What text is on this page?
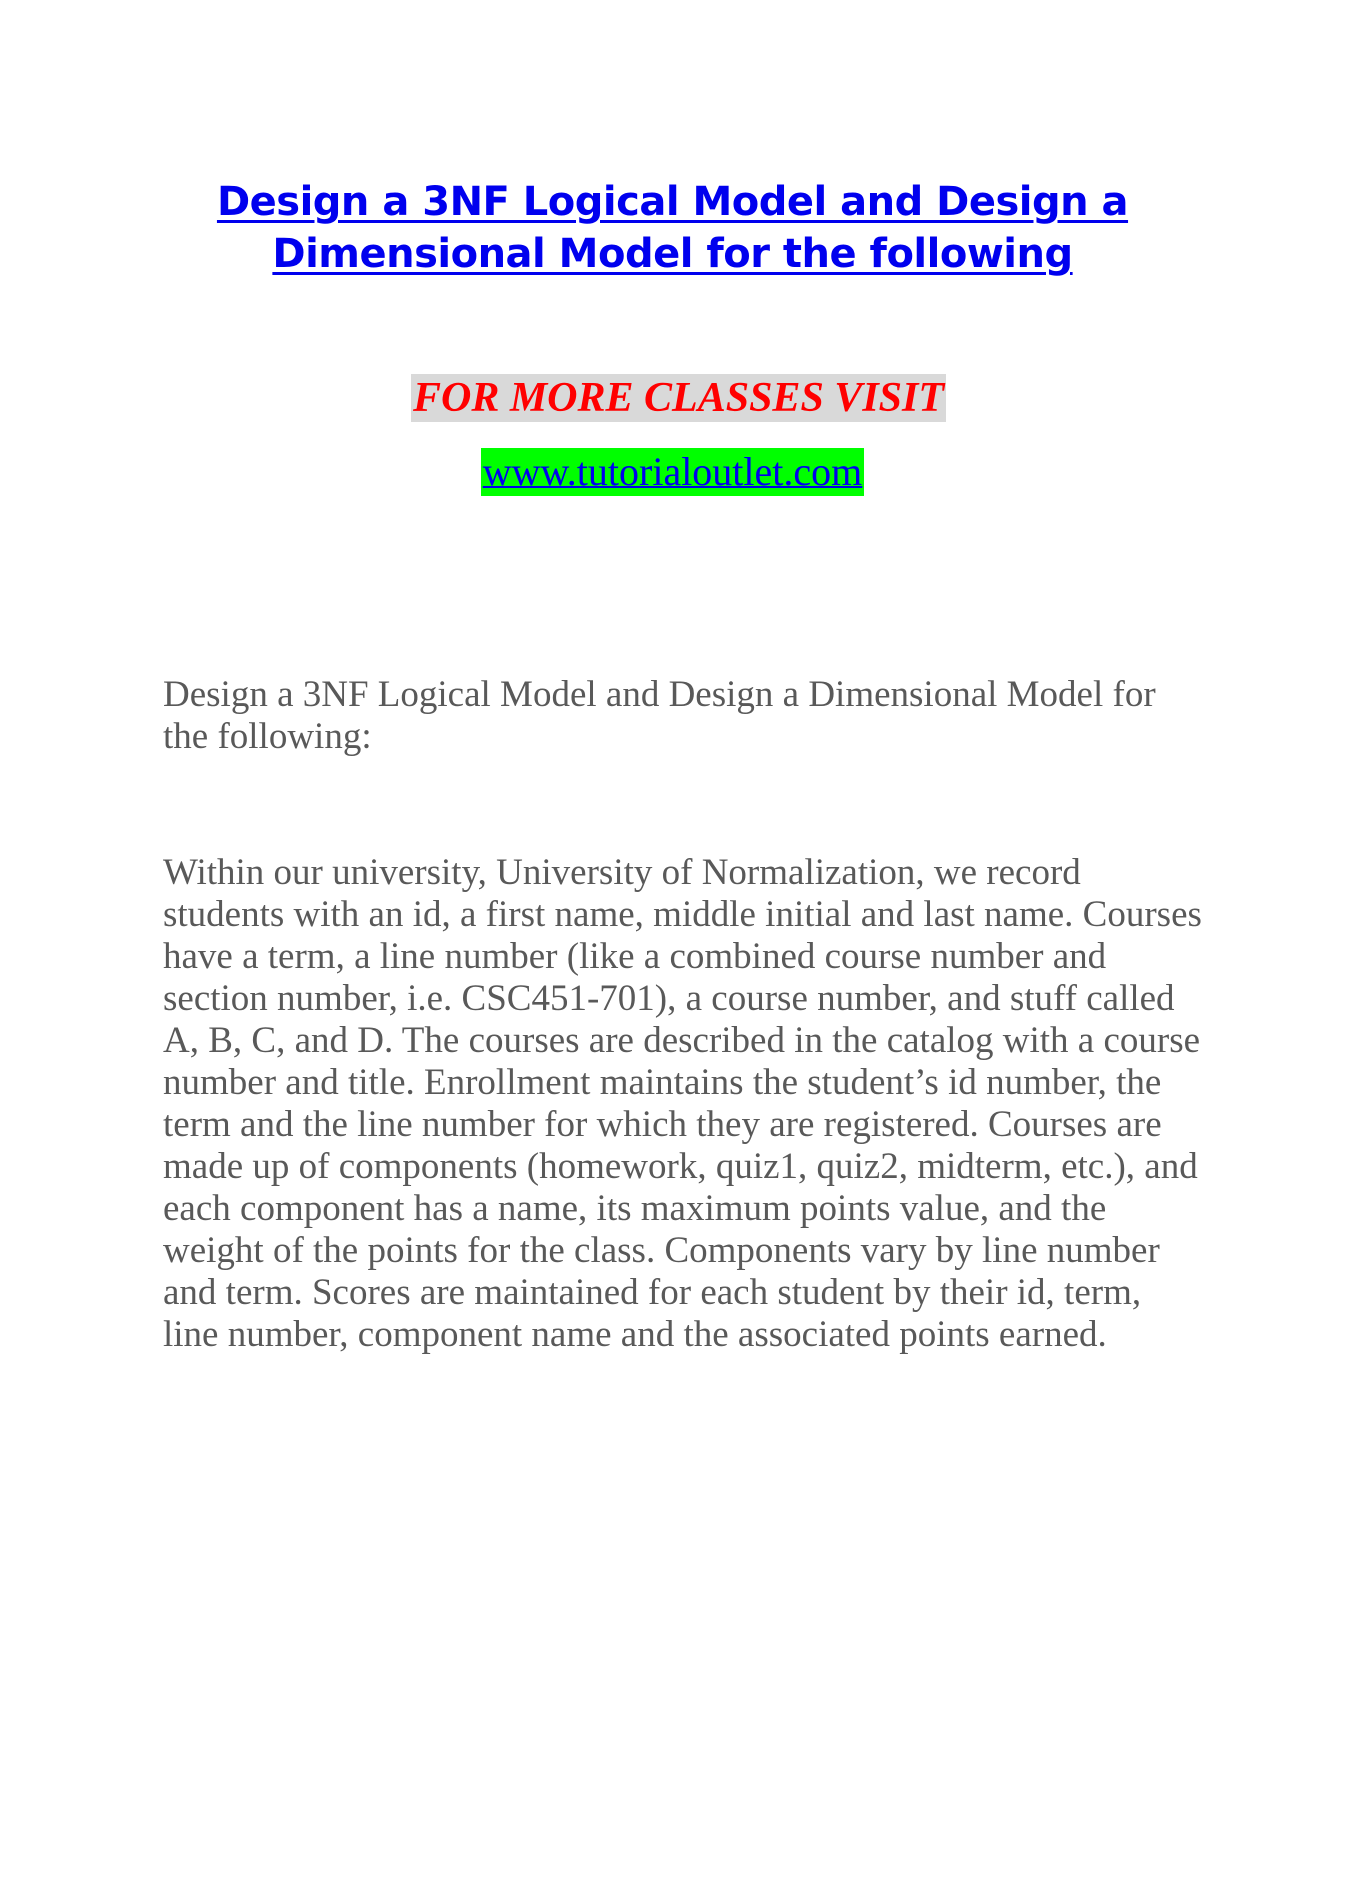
Design a 3NF Logical Model and Design a Dimensional Model for the following
FOR MORE CLASSES VISIT
www.tutorialoutlet.com
Design a 3NF Logical Model and Design a Dimensional Model for the following:
Within our university, University of Normalization, we record students with an id, a first name, middle initial and last name. Courses have a term, a line number (like a combined course number and section number, i.e. CSC451-701), a course number, and stuff called A, B, C, and D. The courses are described in the catalog with a course number and title. Enrollment maintains the student’s id number, the term and the line number for which they are registered. Courses are made up of components (homework, quiz1, quiz2, midterm, etc.), and each component has a name, its maximum points value, and the weight of the points for the class. Components vary by line number and term. Scores are maintained for each student by their id, term, line number, component name and the associated points earned.
